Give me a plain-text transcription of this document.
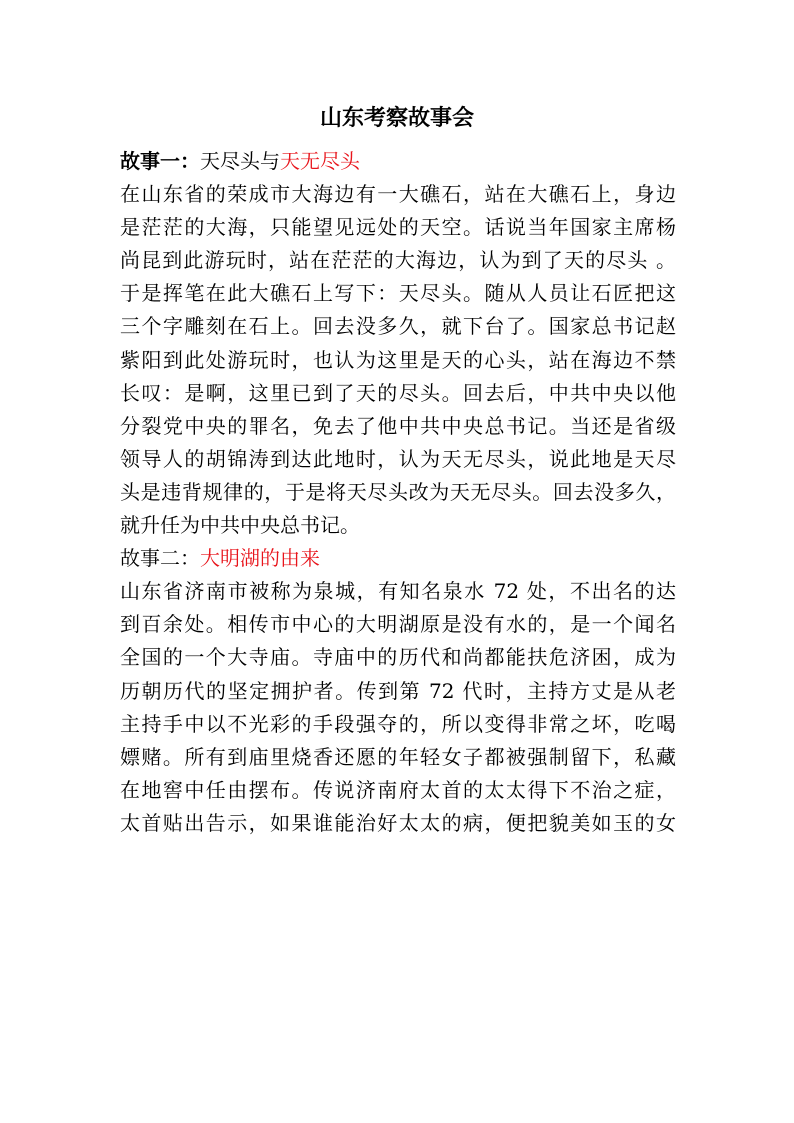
山东考察故事会

故事一：天尽头与天无尽头

在山东省的荣成市大海边有一大礁石，站在大礁石上，身边

是茫茫的大海，只能望见远处的天空。话说当年国家主席杨

尚昆到此游玩时，站在茫茫的大海边，认为到了天的尽头 。

于是挥笔在此大礁石上写下：天尽头。随从人员让石匠把这

三个字雕刻在石上。回去没多久，就下台了。国家总书记赵

紫阳到此处游玩时，也认为这里是天的心头，站在海边不禁

长叹：是啊，这里已到了天的尽头。回去后，中共中央以他

分裂党中央的罪名，免去了他中共中央总书记。当还是省级

领导人的胡锦涛到达此地时，认为天无尽头，说此地是天尽

头是违背规律的，于是将天尽头改为天无尽头。回去没多久，

就升任为中共中央总书记。

故事二：大明湖的由来

山东省济南市被称为泉城，有知名泉水 72 处，不出名的达

到百余处。相传市中心的大明湖原是没有水的，是一个闻名

全国的一个大寺庙。寺庙中的历代和尚都能扶危济困，成为

历朝历代的坚定拥护者。传到第 72 代时，主持方丈是从老

主持手中以不光彩的手段强夺的，所以变得非常之坏，吃喝

嫖赌。所有到庙里烧香还愿的年轻女子都被强制留下，私藏

在地窖中任由摆布。传说济南府太首的太太得下不治之症，

太首贴出告示，如果谁能治好太太的病，便把貌美如玉的女
